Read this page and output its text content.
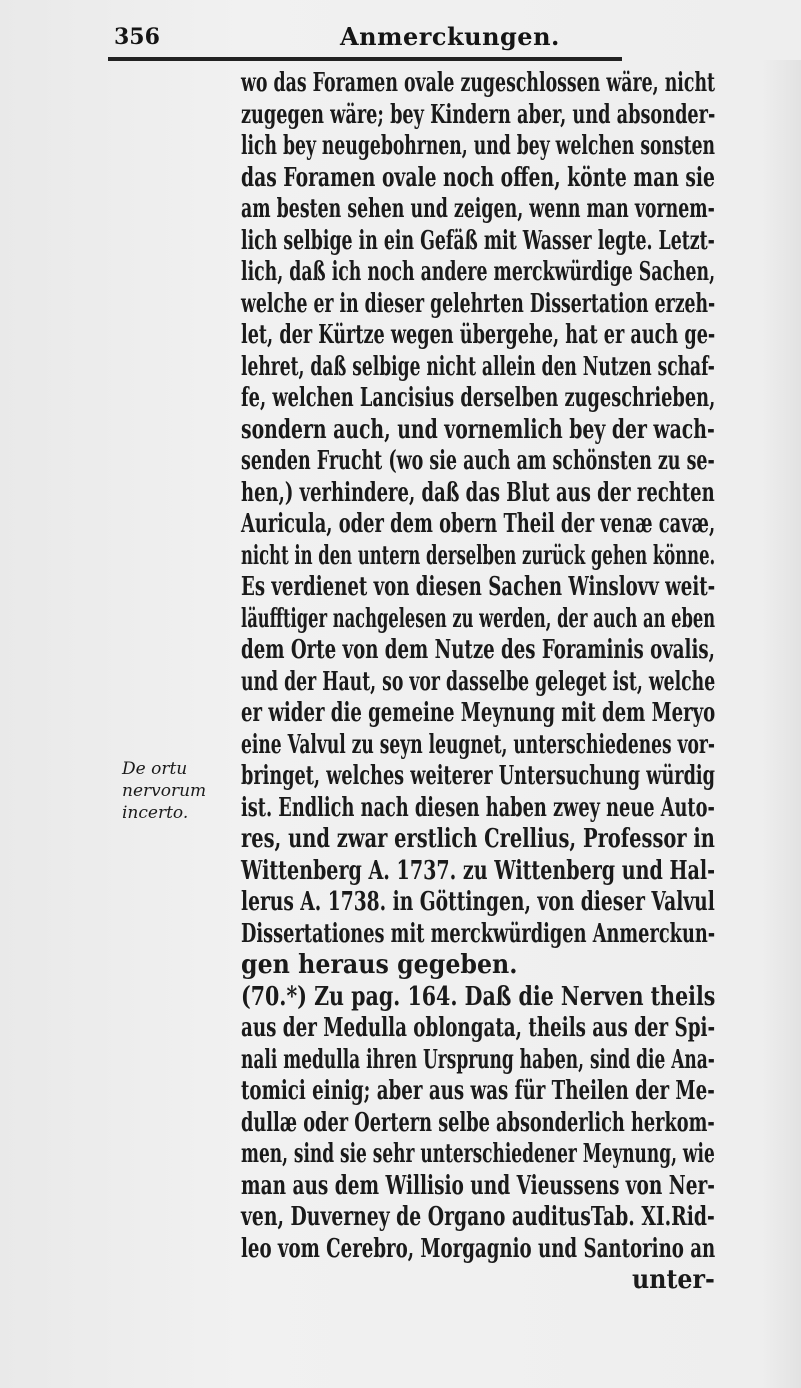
356	Anmerckungen.
De ortu
nervorum
incerto.
wo das Foramen ovale zugeschlossen wäre, nicht
zugegen wäre; bey Kindern aber, und absonder-
lich bey neugebohrnen, und bey welchen sonsten
das Foramen ovale noch offen, könte man sie
am besten sehen und zeigen, wenn man vornem-
lich selbige in ein Gefäß mit Wasser legte. Letzt-
lich, daß ich noch andere merckwürdige Sachen,
welche er in dieser gelehrten Dissertation erzeh-
let, der Kürtze wegen übergehe, hat er auch ge-
lehret, daß selbige nicht allein den Nutzen schaf-
fe, welchen Lancisius derselben zugeschrieben,
sondern auch, und vornemlich bey der wach-
senden Frucht (wo sie auch am schönsten zu se-
hen,) verhindere, daß das Blut aus der rechten
Auricula, oder dem obern Theil der venæ cavæ,
nicht in den untern derselben zurück gehen könne.
Es verdienet von diesen Sachen Winslovv weit-
läufftiger nachgelesen zu werden, der auch an eben
dem Orte von dem Nutze des Foraminis ovalis,
und der Haut, so vor dasselbe geleget ist, welche
er wider die gemeine Meynung mit dem Meryo
eine Valvul zu seyn leugnet, unterschiedenes vor-
bringet, welches weiterer Untersuchung würdig
ist. Endlich nach diesen haben zwey neue Auto-
res, und zwar erstlich Crellius, Professor in
Wittenberg A. 1737. zu Wittenberg und Hal-
lerus A. 1738. in Göttingen, von dieser Valvul
Dissertationes mit merckwürdigen Anmerckun-
gen heraus gegeben.
(70.*) Zu pag. 164. Daß die Nerven theils
aus der Medulla oblongata, theils aus der Spi-
nali medulla ihren Ursprung haben, sind die Ana-
tomici einig; aber aus was für Theilen der Me-
dullæ oder Oertern selbe absonderlich herkom-
men, sind sie sehr unterschiedener Meynung, wie
man aus dem Willisio und Vieussens von Ner-
ven, Duverney de Organo auditusTab. XI.Rid-
leo vom Cerebro, Morgagnio und Santorino an
unter-
